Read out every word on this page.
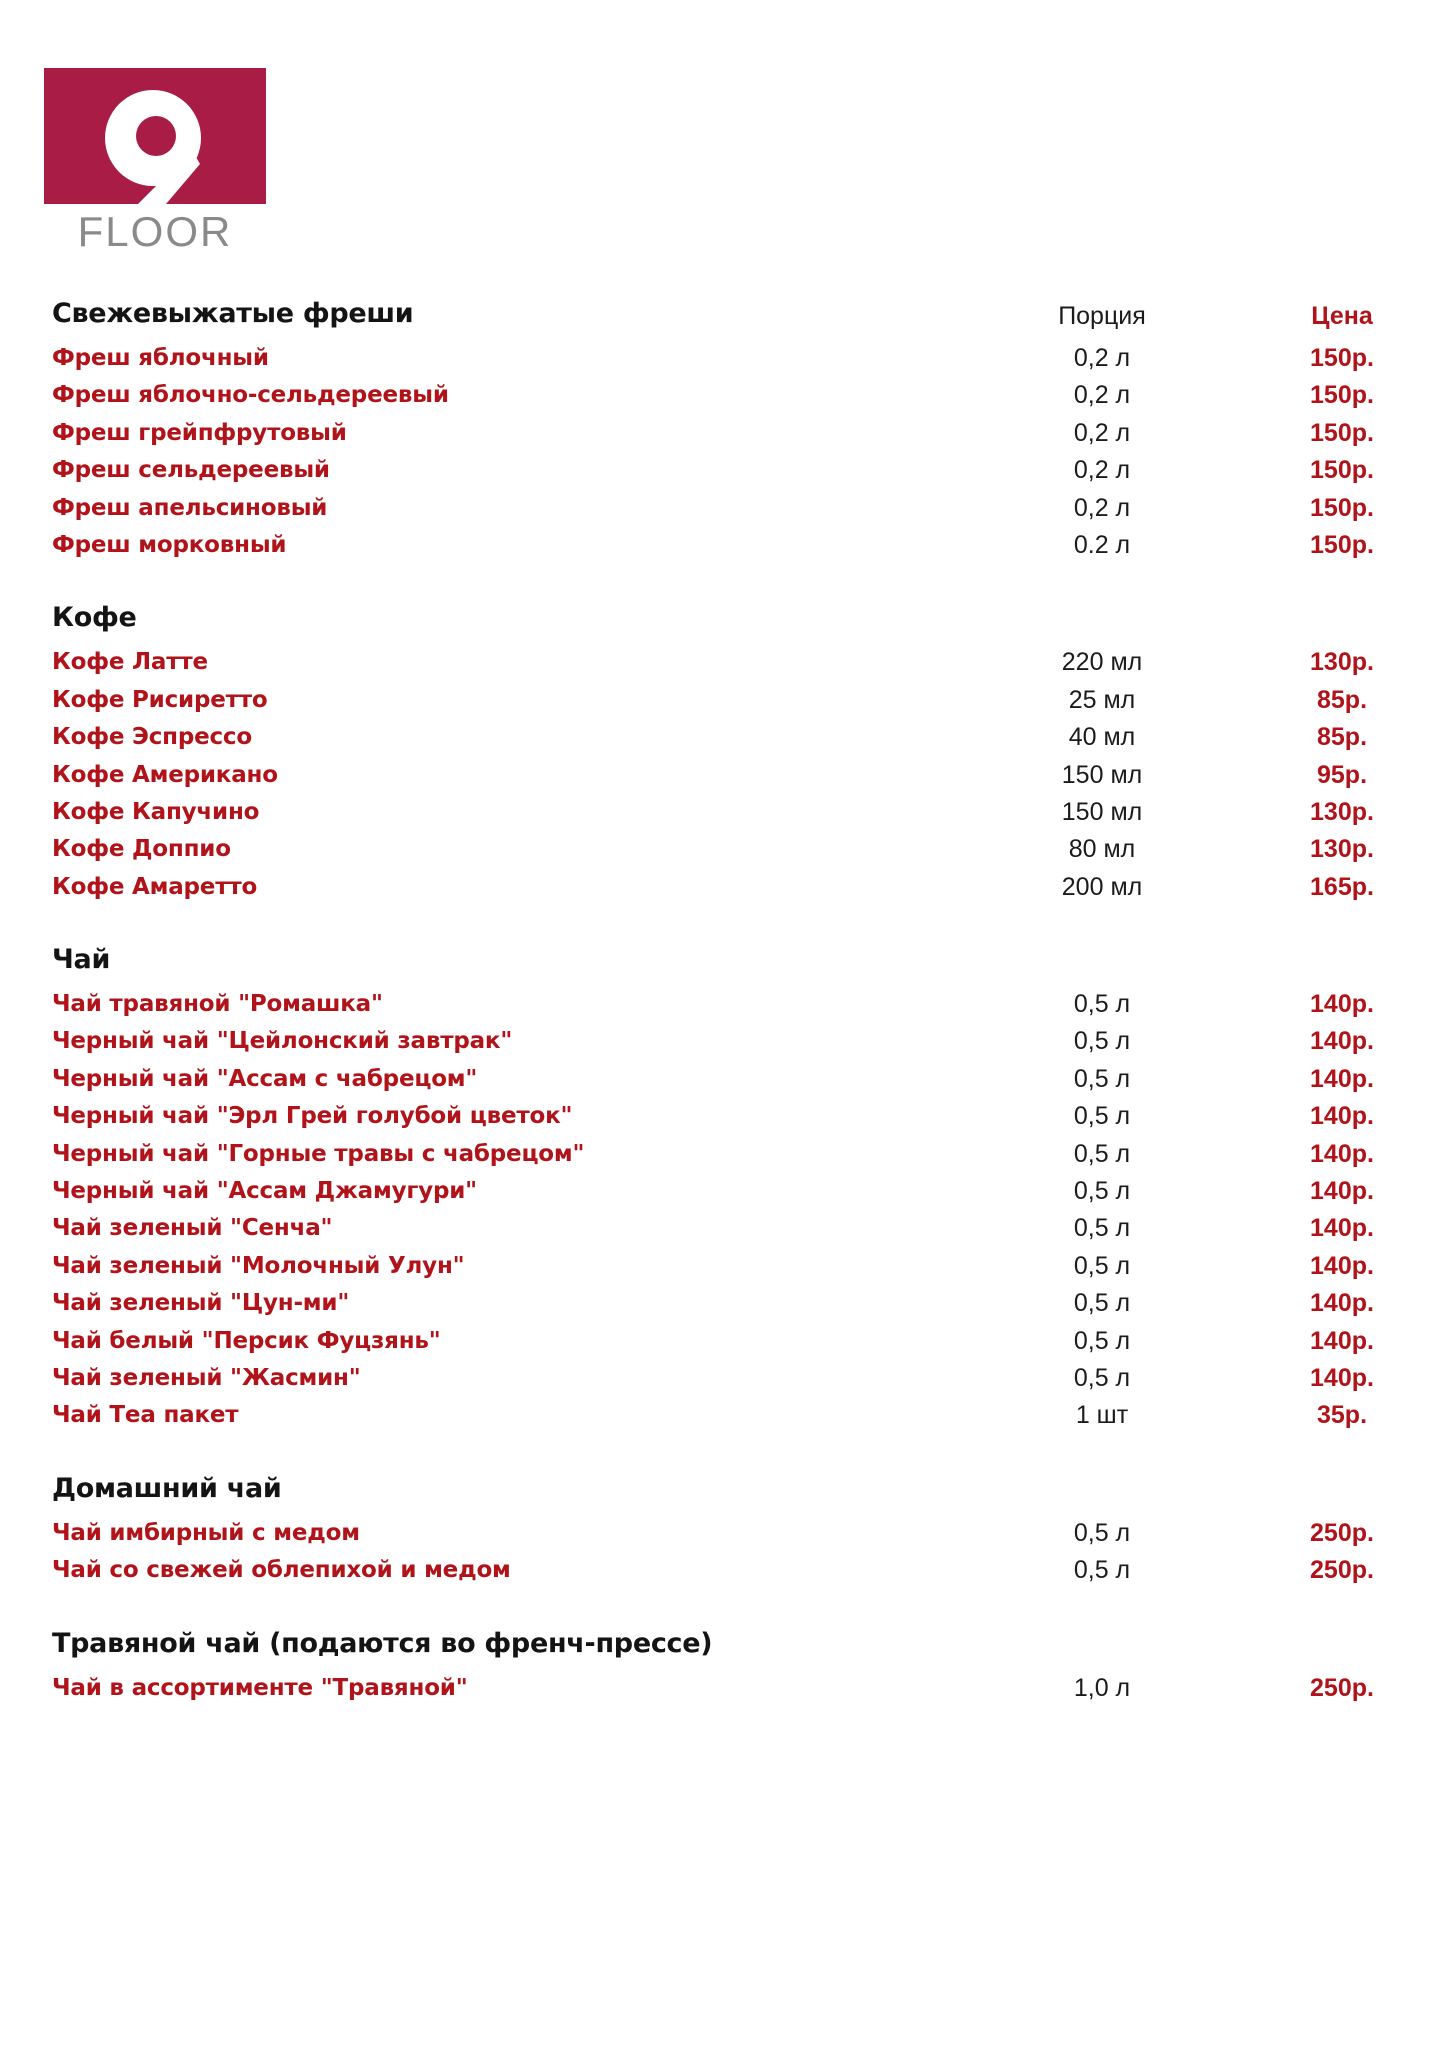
FLOOR
Свежевыжатые фреши	Порция	Цена
Фреш яблочный	0,2 л	150р.
Фреш яблочно-сельдереевый	0,2 л	150р.
Фреш грейпфрутовый	0,2 л	150р.
Фреш сельдереевый	0,2 л	150р.
Фреш апельсиновый	0,2 л	150р.
Фреш морковный	0.2 л	150р.
Кофе
Кофе Латте	220 мл	130р.
Кофе Рисиретто	25 мл	85р.
Кофе Эспрессо	40 мл	85р.
Кофе Американо	150 мл	95р.
Кофе Капучино	150 мл	130р.
Кофе Доппио	80 мл	130р.
Кофе Амаретто	200 мл	165р.
Чай
Чай травяной "Ромашка"	0,5 л	140р.
Черный чай "Цейлонский завтрак"	0,5 л	140р.
Черный чай "Ассам с чабрецом"	0,5 л	140р.
Черный чай "Эрл Грей голубой цветок"	0,5 л	140р.
Черный чай "Горные травы с чабрецом"	0,5 л	140р.
Черный чай "Ассам Джамугури"	0,5 л	140р.
Чай зеленый "Сенча"	0,5 л	140р.
Чай зеленый "Молочный Улун"	0,5 л	140р.
Чай зеленый "Цун-ми"	0,5 л	140р.
Чай белый "Персик Фуцзянь"	0,5 л	140р.
Чай зеленый "Жасмин"	0,5 л	140р.
Чай Теа пакет	1 шт	35р.
Домашний чай
Чай имбирный с медом	0,5 л	250р.
Чай со свежей облепихой и медом	0,5 л	250р.
Травяной чай (подаются во френч-прессе)
Чай в ассортименте "Травяной"	1,0 л	250р.
